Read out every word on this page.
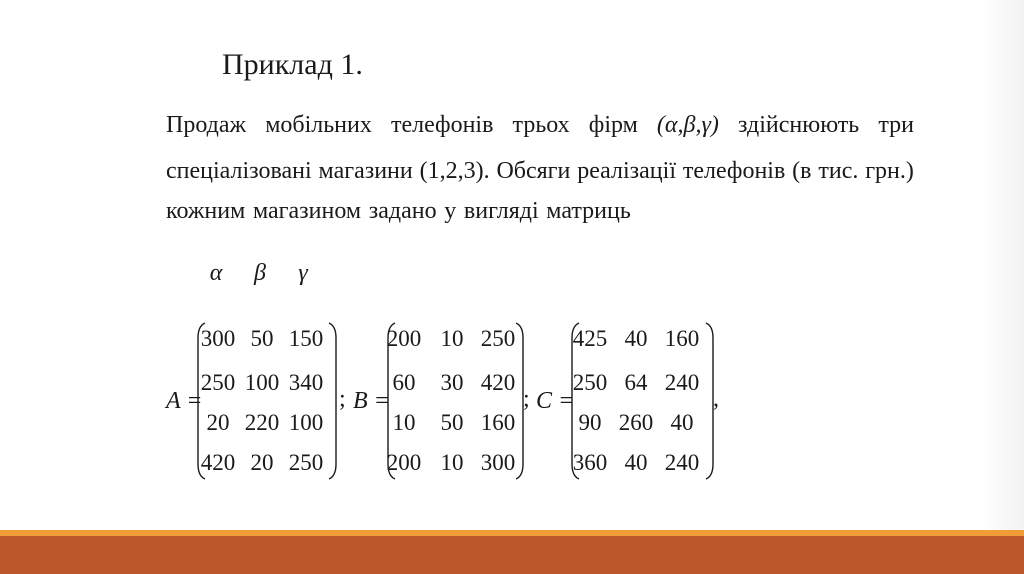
Приклад 1.
Продаж мобільних телефонів трьох фірм (α,β,γ) здійснюють три
спеціалізовані магазини (1,2,3). Обсяги реалізації телефонів (в тис. грн.)
кожним магазином задано у вигляді матриць
α	β	γ
A =
300 50 150
250 100 340
20 220 100
420 20 250
; B =
200 10 250
60	30 420
10	50 160
200 10 300
; C =
425 40 160
250 64 240
90 260 40
360 40 240
,
